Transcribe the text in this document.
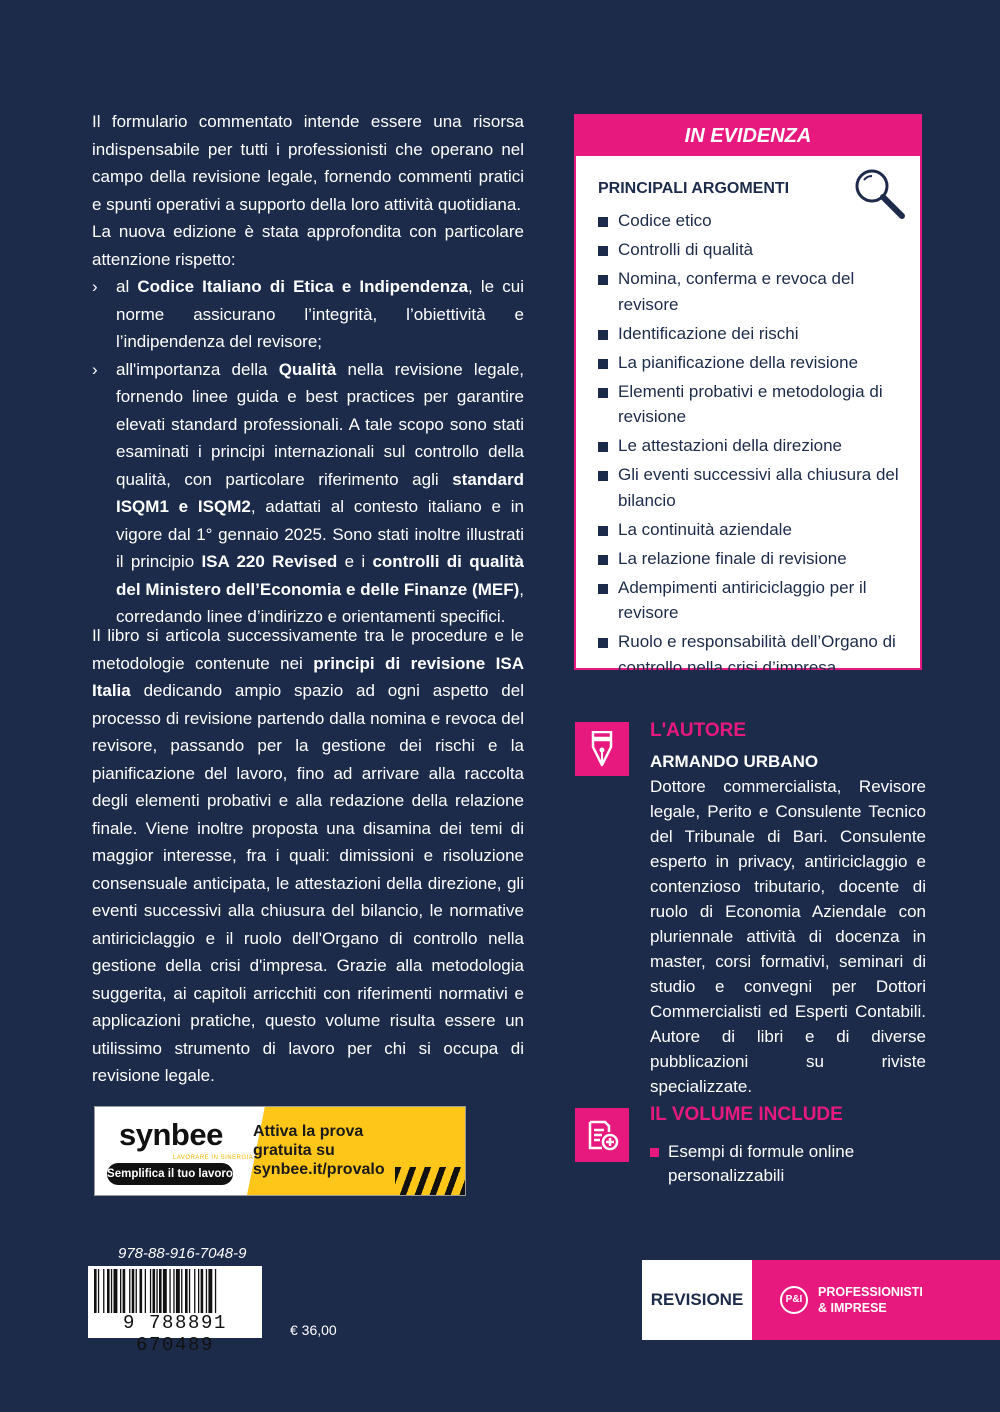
Il formulario commentato intende essere una risorsa indispensabile per tutti i professionisti che operano nel campo della revisione legale, fornendo commenti pratici e spunti operativi a supporto della loro attività quotidiana.

La nuova edizione è stata approfondita con particolare attenzione rispetto:

› al Codice Italiano di Etica e Indipendenza, le cui norme assicurano l’integrità, l’obiettività e l’indipendenza del revisore;
› all'importanza della Qualità nella revisione legale, fornendo linee guida e best practices per garantire elevati standard professionali. A tale scopo sono stati esaminati i principi internazionali sul controllo della qualità, con particolare riferimento agli standard ISQM1 e ISQM2, adattati al contesto italiano e in vigore dal 1° gennaio 2025. Sono stati inoltre illustrati il principio ISA 220 Revised e i controlli di qualità del Ministero dell’Economia e delle Finanze (MEF), corredando linee d’indirizzo e orientamenti specifici.

Il libro si articola successivamente tra le procedure e le metodologie contenute nei principi di revisione ISA Italia dedicando ampio spazio ad ogni aspetto del processo di revisione partendo dalla nomina e revoca del revisore, passando per la gestione dei rischi e la pianificazione del lavoro, fino ad arrivare alla raccolta degli elementi probativi e alla redazione della relazione finale. Viene inoltre proposta una disamina dei temi di maggior interesse, fra i quali: dimissioni e risoluzione consensuale anticipata, le attestazioni della direzione, gli eventi successivi alla chiusura del bilancio, le normative antiriciclaggio e il ruolo dell'Organo di controllo nella gestione della crisi d'impresa. Grazie alla metodologia suggerita, ai capitoli arricchiti con riferimenti normativi e applicazioni pratiche, questo volume risulta essere un utilissimo strumento di lavoro per chi si occupa di revisione legale.

IN EVIDENZA
PRINCIPALI ARGOMENTI
Codice etico
Controlli di qualità
Nomina, conferma e revoca del revisore
Identificazione dei rischi
La pianificazione della revisione
Elementi probativi e metodologia di revisione
Le attestazioni della direzione
Gli eventi successivi alla chiusura del bilancio
La continuità aziendale
La relazione finale di revisione
Adempimenti antiriciclaggio per il revisore
Ruolo e responsabilità dell’Organo di controllo nella crisi d’impresa
L'AUTORE
ARMANDO URBANO

Dottore commercialista, Revisore legale, Perito e Consulente Tecnico del Tribunale di Bari. Consulente esperto in privacy, antiriciclaggio e contenzioso tributario, docente di ruolo di Economia Aziendale con pluriennale attività di docenza in master, corsi formativi, seminari di studio e convegni per Dottori Commercialisti ed Esperti Contabili. Autore di libri e di diverse pubblicazioni su riviste specializzate.

IL VOLUME INCLUDE
Esempi di formule online personalizzabili
synbee
LAVORARE IN SINERGIA
Semplifica il tuo lavoro
Attiva la prova gratuita su synbee.it/provalo
978-88-916-7048-9
9 788891 670489
€ 36,00
REVISIONE	P&I
PROFESSIONISTI
& IMPRESE
